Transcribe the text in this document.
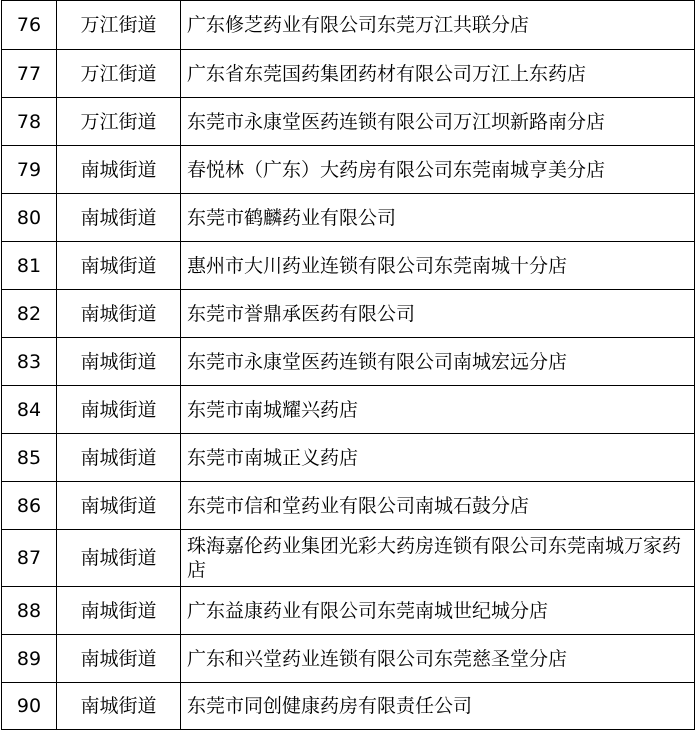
76	万江街道	广东修芝药业有限公司东莞万江共联分店
77	万江街道	广东省东莞国药集团药材有限公司万江上东药店
78	万江街道	东莞市永康堂医药连锁有限公司万江坝新路南分店
79	南城街道	春悦林（广东）大药房有限公司东莞南城亨美分店
80	南城街道	东莞市鹤麟药业有限公司
81	南城街道	惠州市大川药业连锁有限公司东莞南城十分店
82	南城街道	东莞市誉鼎承医药有限公司
83	南城街道	东莞市永康堂医药连锁有限公司南城宏远分店
84	南城街道	东莞市南城耀兴药店
85	南城街道	东莞市南城正义药店
86	南城街道	东莞市信和堂药业有限公司南城石鼓分店
87	南城街道	珠海嘉伦药业集团光彩大药房连锁有限公司东莞南城万家药店
88	南城街道	广东益康药业有限公司东莞南城世纪城分店
89	南城街道	广东和兴堂药业连锁有限公司东莞慈圣堂分店
90	南城街道	东莞市同创健康药房有限责任公司
